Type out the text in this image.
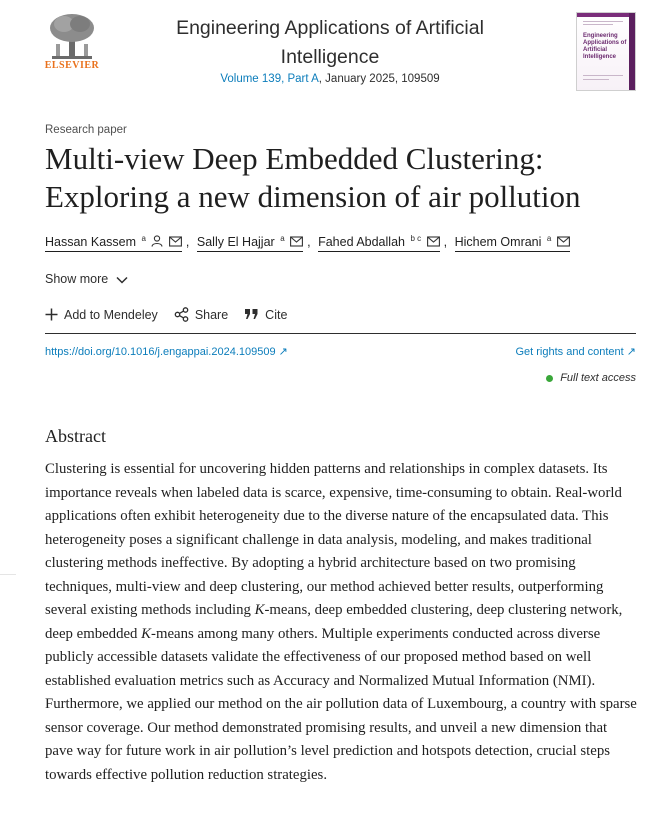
ELSEVIER
Engineering Applications of Artificial Intelligence
Volume 139, Part A, January 2025, 109509
Engineering Applications of Artificial Intelligence
Research paper
Multi-view Deep Embedded Clustering: Exploring a new dimension of air pollution
Hassan Kassem $^a$	, Sally El Hajjar $^a$ , Fahed Abdallah $^{b c}$ , Hichem Omrani $^a$
Show more
Add to Mendeley	Share	Cite
https://doi.org/10.1016/j.engappai.2024.109509 ↗	Get rights and content ↗
Full text access
Abstract
Clustering is essential for uncovering hidden patterns and relationships in complex datasets. Its importance reveals when labeled data is scarce, expensive, time-consuming to obtain. Real-world applications often exhibit heterogeneity due to the diverse nature of the encapsulated data. This heterogeneity poses a significant challenge in data analysis, modeling, and makes traditional clustering methods ineffective. By adopting a hybrid architecture based on two promising techniques, multi-view and deep clustering, our method achieved better results, outperforming several existing methods including K-means, deep embedded clustering, deep clustering network, deep embedded K-means among many others. Multiple experiments conducted across diverse publicly accessible datasets validate the effectiveness of our proposed method based on well established evaluation metrics such as Accuracy and Normalized Mutual Information (NMI). Furthermore, we applied our method on the air pollution data of Luxembourg, a country with sparse sensor coverage. Our method demonstrated promising results, and unveil a new dimension that pave way for future work in air pollution’s level prediction and hotspots detection, crucial steps towards effective pollution reduction strategies.
